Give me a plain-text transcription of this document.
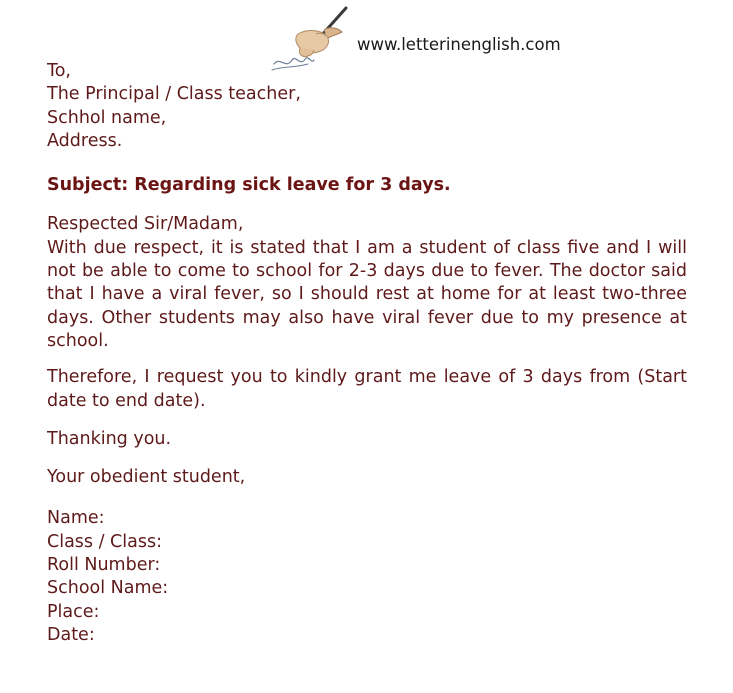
www.letterinenglish.com
To,
The Principal / Class teacher,
Schhol name,
Address.
Subject: Regarding sick leave for 3 days.
Respected Sir/Madam,

With due respect, it is stated that I am a student of class five and I will not be able to come to school for 2-3 days due to fever. The doctor said that I have a viral fever, so I should rest at home for at least two-three days. Other students may also have viral fever due to my presence at school.

Therefore, I request you to kindly grant me leave of 3 days from (Start date to end date).

Thanking you.
Your obedient student,
Name:
Class / Class:
Roll Number:
School Name:
Place:
Date:
